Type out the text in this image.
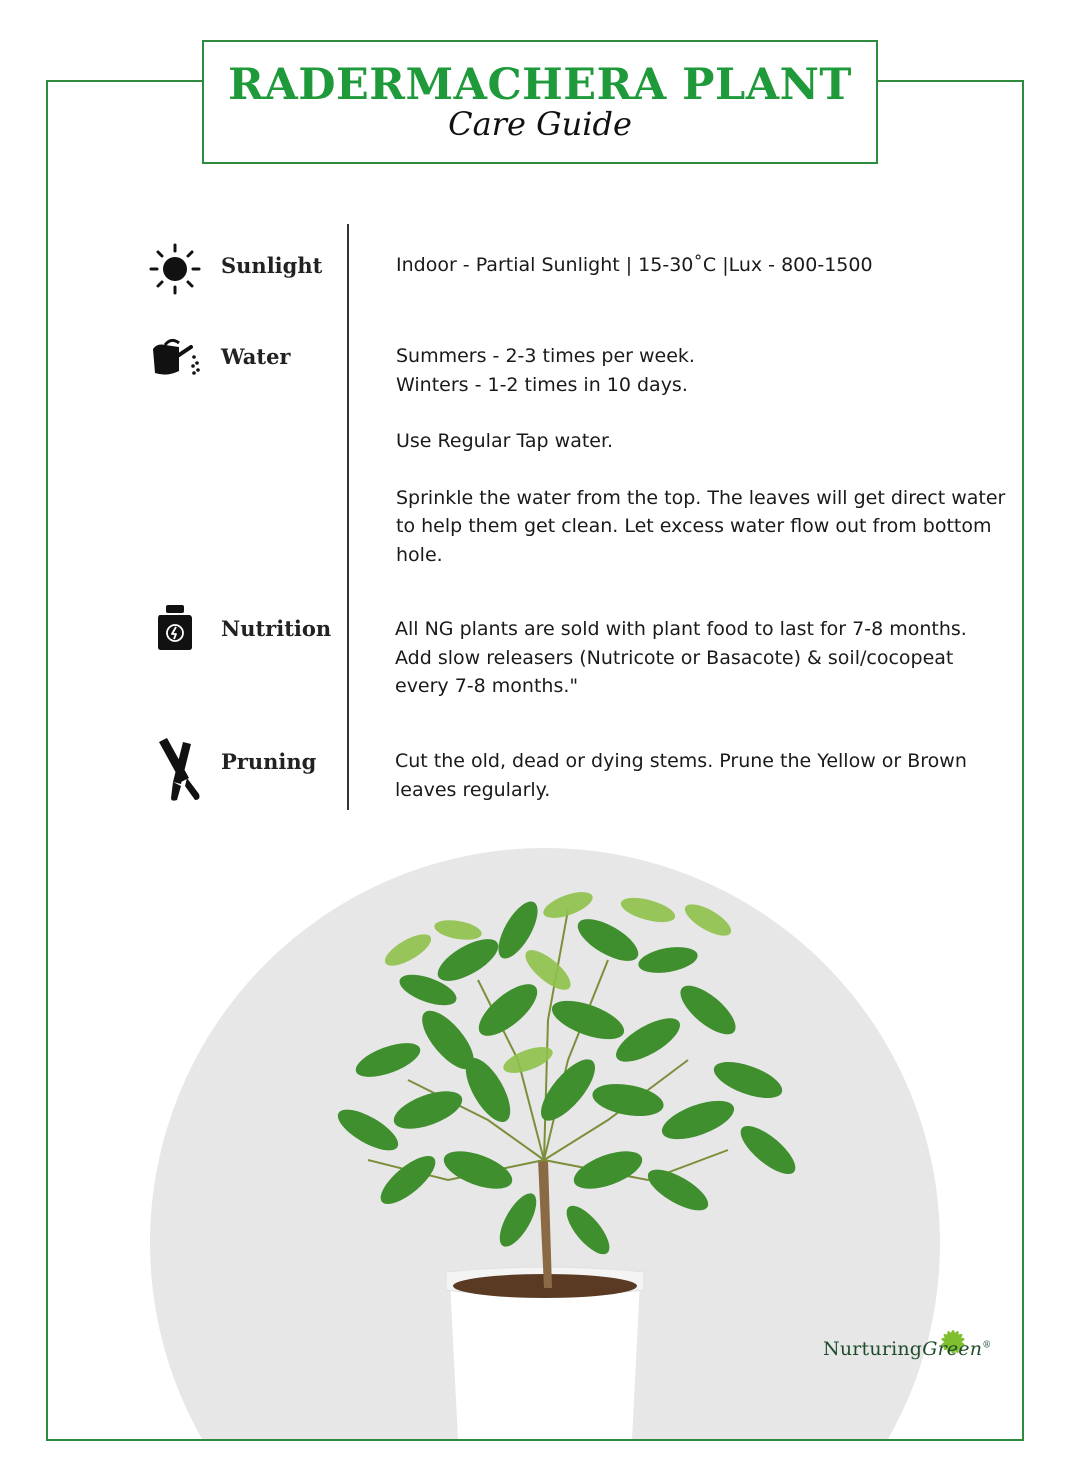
RADERMACHERA PLANT
Care Guide
Sunlight	Indoor - Partial Sunlight | 15-30˚C |Lux - 800-1500

Water	Summers - 2-3 times per week.

Winters - 1-2 times in 10 days.

Use Regular Tap water.

Sprinkle the water from the top. The leaves will get direct water to help them get clean. Let excess water flow out from bottom hole.

Nutrition	All NG plants are sold with plant food to last for 7-8 months. Add slow releasers (Nutricote or Basacote) & soil/cocopeat every 7-8 months."

Pruning	Cut the old, dead or dying stems. Prune the Yellow or Brown leaves regularly.

NurturingGreen®
